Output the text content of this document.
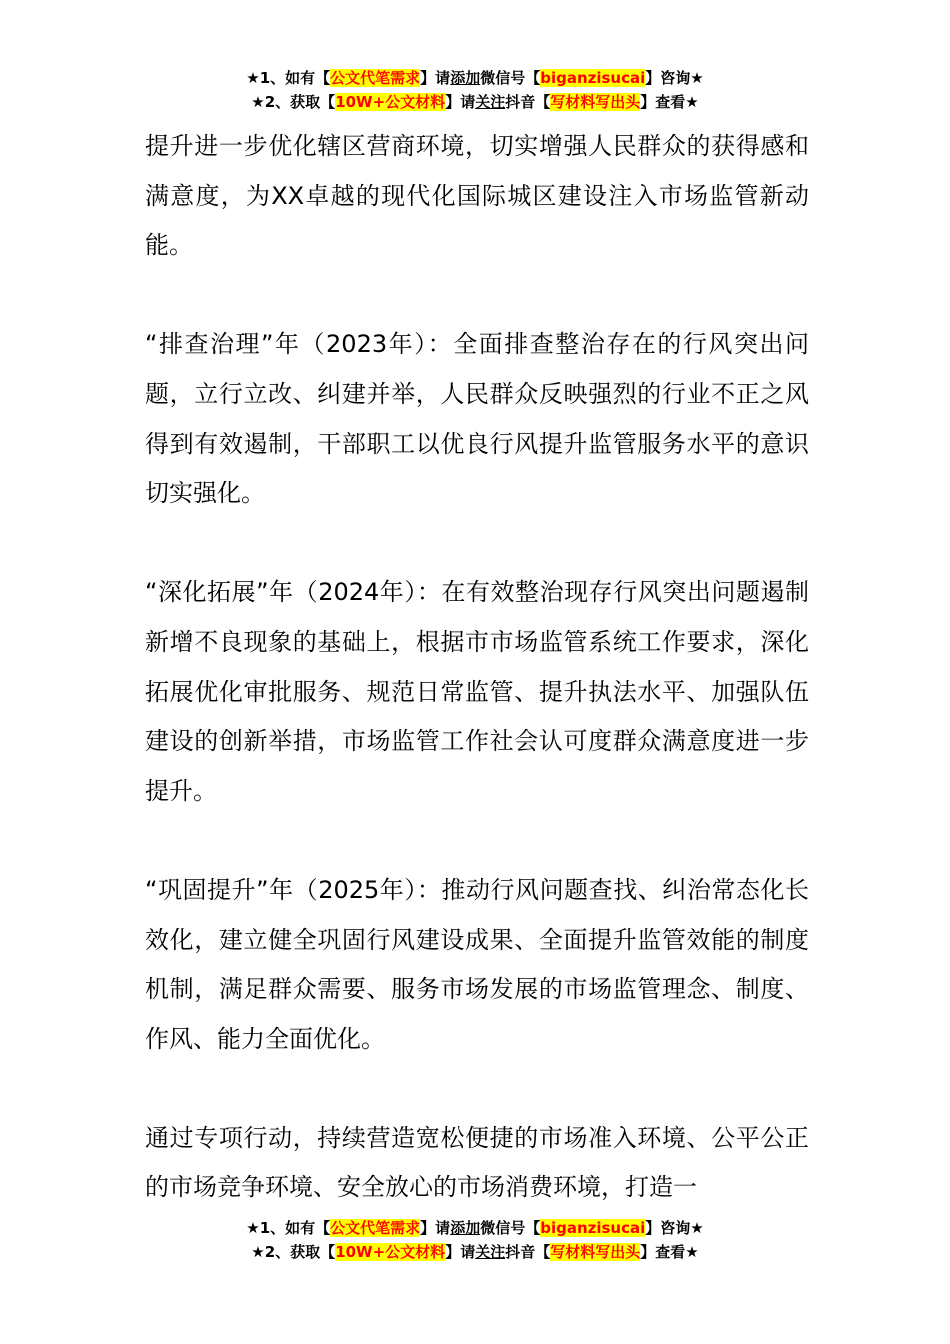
★1、如有【公文代笔需求】请添加微信号【biganzisucai】咨询★
★2、获取【10W+公文材料】请关注抖音【写材料写出头】查看★

提升进一步优化辖区营商环境，切实增强人民群众的获得感和满意度，为XX卓越的现代化国际城区建设注入市场监管新动能。

“排查治理”年（2023年）：全面排查整治存在的行风突出问题，立行立改、纠建并举，人民群众反映强烈的行业不正之风得到有效遏制，干部职工以优良行风提升监管服务水平的意识切实强化。

“深化拓展”年（2024年）：在有效整治现存行风突出问题遏制新增不良现象的基础上，根据市市场监管系统工作要求，深化拓展优化审批服务、规范日常监管、提升执法水平、加强队伍建设的创新举措，市场监管工作社会认可度群众满意度进一步提升。

“巩固提升”年（2025年）：推动行风问题查找、纠治常态化长效化，建立健全巩固行风建设成果、全面提升监管效能的制度机制，满足群众需要、服务市场发展的市场监管理念、制度、作风、能力全面优化。

通过专项行动，持续营造宽松便捷的市场准入环境、公平公正的市场竞争环境、安全放心的市场消费环境，打造一

★1、如有【公文代笔需求】请添加微信号【biganzisucai】咨询★
★2、获取【10W+公文材料】请关注抖音【写材料写出头】查看★
